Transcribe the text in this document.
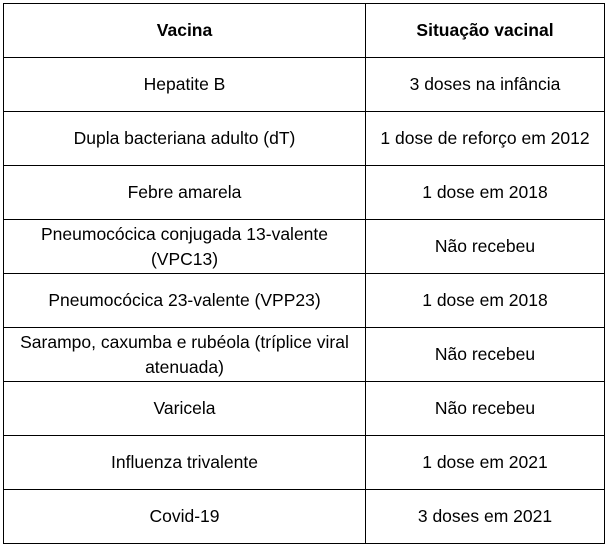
Vacina	Situação vacinal
Hepatite B	3 doses na infância
Dupla bacteriana adulto (dT)	1 dose de reforço em 2012
Febre amarela	1 dose em 2018
Pneumocócica conjugada 13-valente (VPC13)	Não recebeu
Pneumocócica 23-valente (VPP23)	1 dose em 2018
Sarampo, caxumba e rubéola (tríplice viral atenuada)	Não recebeu
Varicela	Não recebeu
Influenza trivalente	1 dose em 2021
Covid-19	3 doses em 2021
